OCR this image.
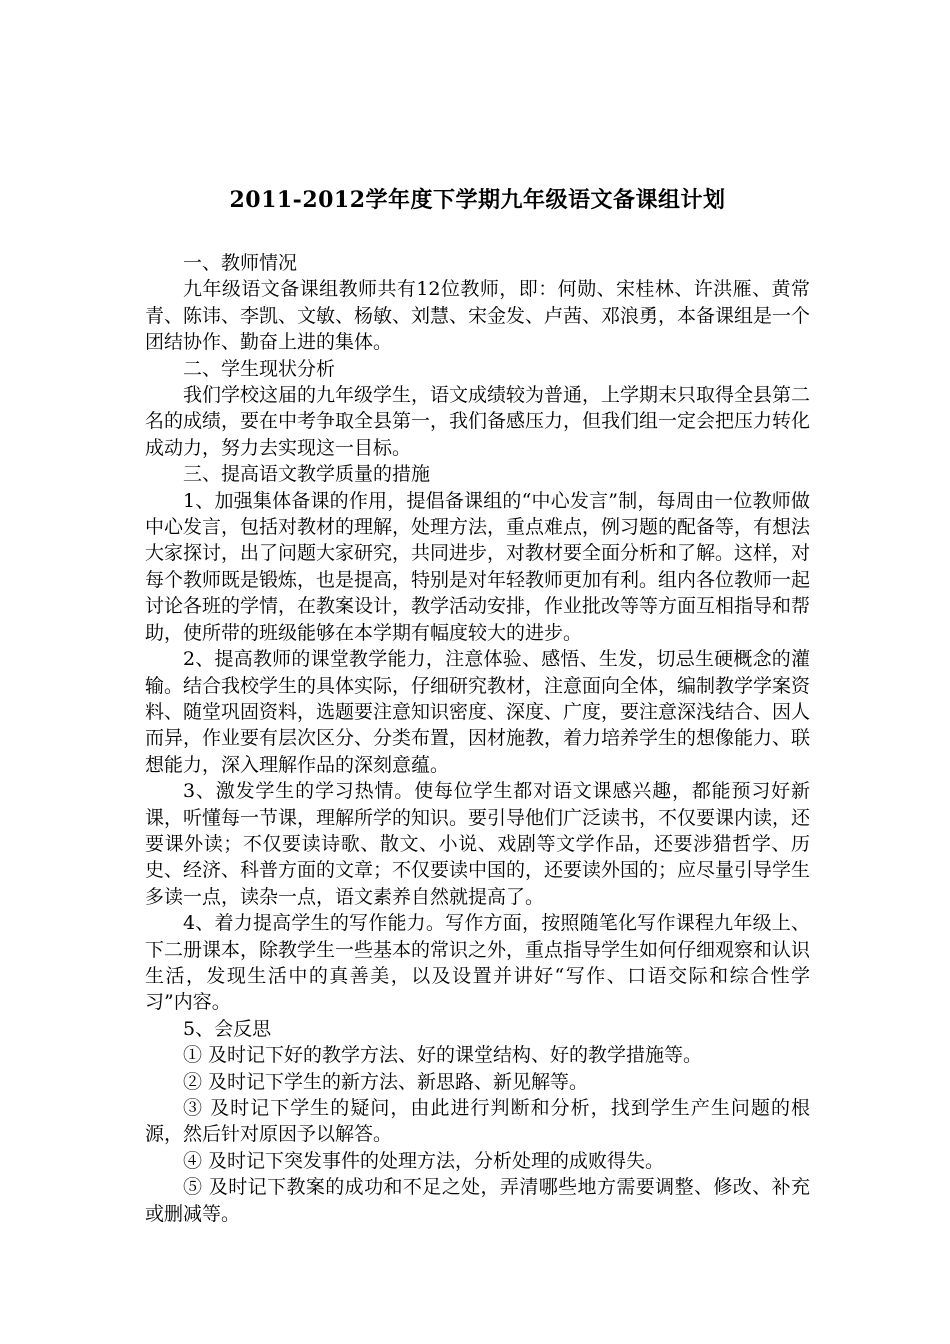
2011-2012学年度下学期九年级语文备课组计划

一、教师情况

九年级语文备课组教师共有12位教师，即：何勋、宋桂林、许洪雁、黄常青、陈讳、李凯、文敏、杨敏、刘慧、宋金发、卢茜、邓浪勇，本备课组是一个团结协作、勤奋上进的集体。

二、学生现状分析

我们学校这届的九年级学生，语文成绩较为普通，上学期末只取得全县第二名的成绩，要在中考争取全县第一，我们备感压力，但我们组一定会把压力转化成动力，努力去实现这一目标。

三、提高语文教学质量的措施

1、加强集体备课的作用，提倡备课组的“中心发言”制，每周由一位教师做中心发言，包括对教材的理解，处理方法，重点难点，例习题的配备等，有想法大家探讨，出了问题大家研究，共同进步，对教材要全面分析和了解。这样，对每个教师既是锻炼，也是提高，特别是对年轻教师更加有利。组内各位教师一起讨论各班的学情，在教案设计，教学活动安排，作业批改等等方面互相指导和帮助，使所带的班级能够在本学期有幅度较大的进步。

2、提高教师的课堂教学能力，注意体验、感悟、生发，切忌生硬概念的灌输。结合我校学生的具体实际，仔细研究教材，注意面向全体，编制教学学案资料、随堂巩固资料，选题要注意知识密度、深度、广度，要注意深浅结合、因人而异，作业要有层次区分、分类布置，因材施教，着力培养学生的想像能力、联想能力，深入理解作品的深刻意蕴。

3、激发学生的学习热情。使每位学生都对语文课感兴趣，都能预习好新课，听懂每一节课，理解所学的知识。要引导他们广泛读书，不仅要课内读，还要课外读；不仅要读诗歌、散文、小说、戏剧等文学作品，还要涉猎哲学、历史、经济、科普方面的文章；不仅要读中国的，还要读外国的；应尽量引导学生多读一点，读杂一点，语文素养自然就提高了。

4、着力提高学生的写作能力。写作方面，按照随笔化写作课程九年级上、下二册课本，除教学生一些基本的常识之外，重点指导学生如何仔细观察和认识生活，发现生活中的真善美，以及设置并讲好“写作、口语交际和综合性学习”内容。

5、会反思

① 及时记下好的教学方法、好的课堂结构、好的教学措施等。

② 及时记下学生的新方法、新思路、新见解等。

③ 及时记下学生的疑问，由此进行判断和分析，找到学生产生问题的根源，然后针对原因予以解答。

④ 及时记下突发事件的处理方法，分析处理的成败得失。

⑤ 及时记下教案的成功和不足之处，弄清哪些地方需要调整、修改、补充或删减等。
